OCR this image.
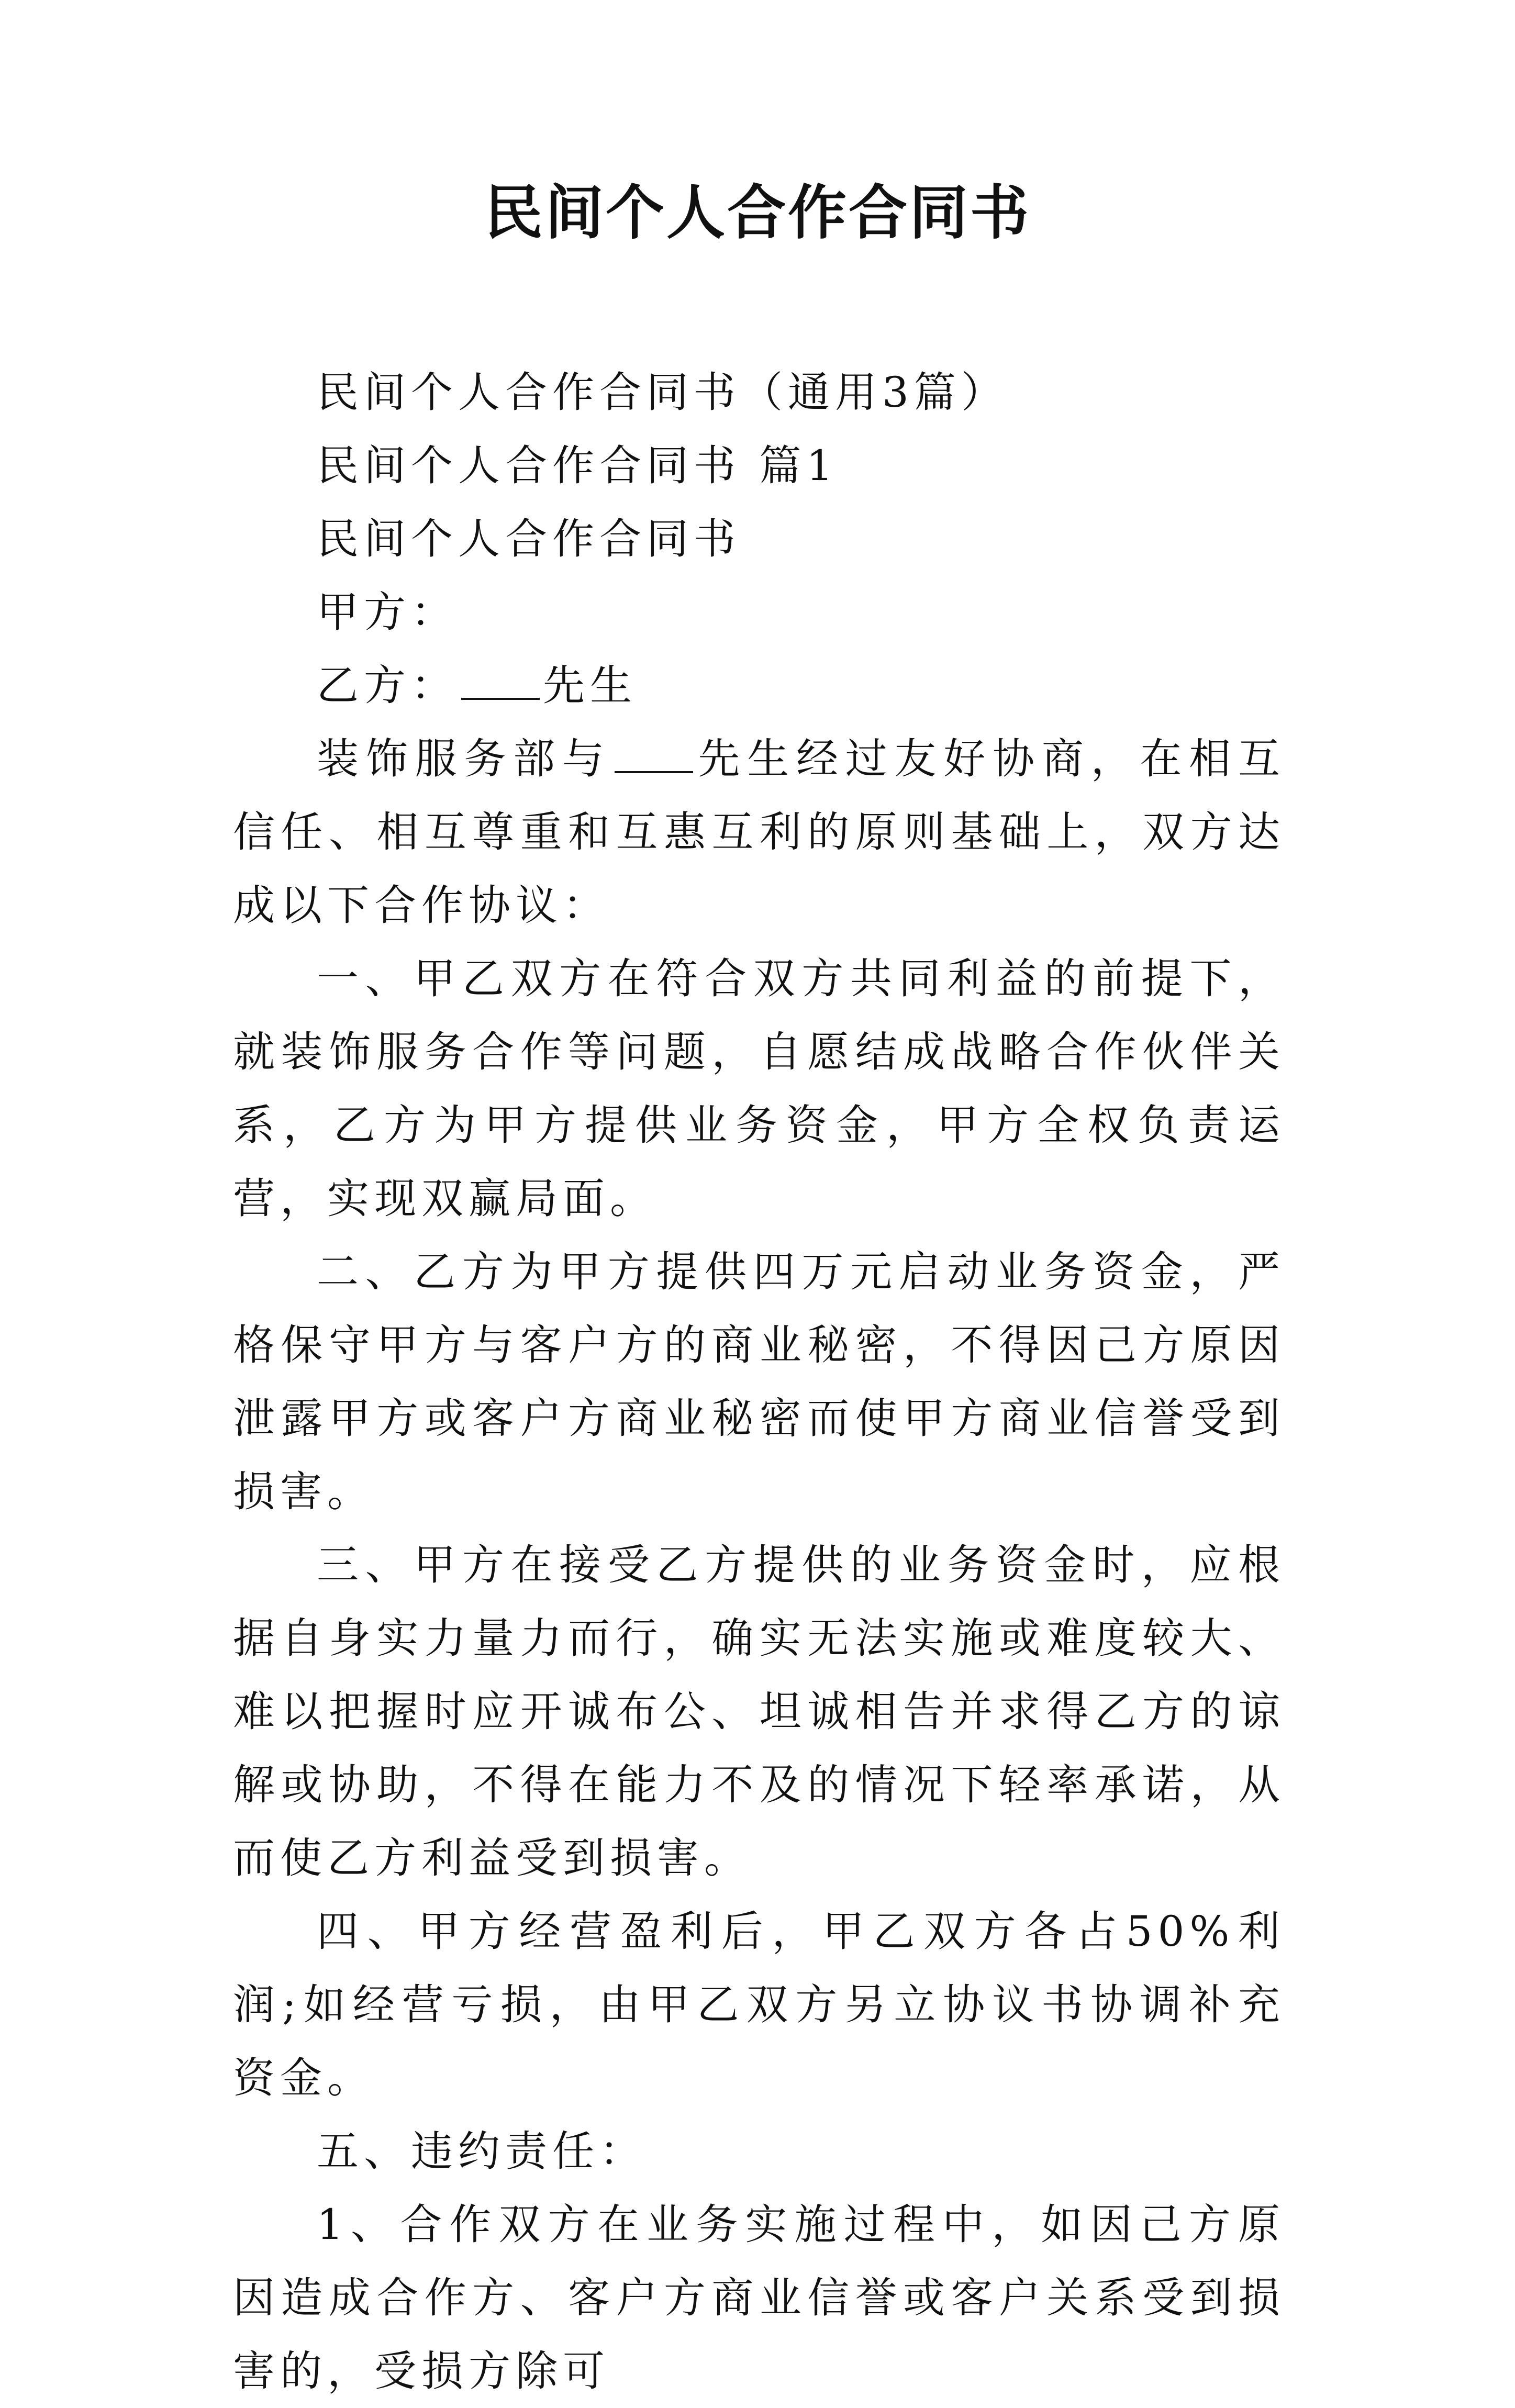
民间个人合作合同书
民间个人合作合同书（通用3篇）
民间个人合作合同书 篇1
民间个人合作合同书
甲方：
乙方： 先生

装饰服务部与 先生经过友好协商，在相互信任、相互尊重和互惠互利的原则基础上，双方达成以下合作协议：

一、甲乙双方在符合双方共同利益的前提下，就装饰服务合作等问题，自愿结成战略合作伙伴关系，乙方为甲方提供业务资金，甲方全权负责运营，实现双赢局面。

二、乙方为甲方提供四万元启动业务资金，严格保守甲方与客户方的商业秘密，不得因己方原因泄露甲方或客户方商业秘密而使甲方商业信誉受到损害。

三、甲方在接受乙方提供的业务资金时，应根据自身实力量力而行，确实无法实施或难度较大、难以把握时应开诚布公、坦诚相告并求得乙方的谅解或协助，不得在能力不及的情况下轻率承诺，从而使乙方利益受到损害。

四、甲方经营盈利后，甲乙双方各占50%利润;如经营亏损，由甲乙双方另立协议书协调补充资金。

五、违约责任：

1、合作双方在业务实施过程中，如因己方原因造成合作方、客户方商业信誉或客户关系受到损害的，受损方除可
